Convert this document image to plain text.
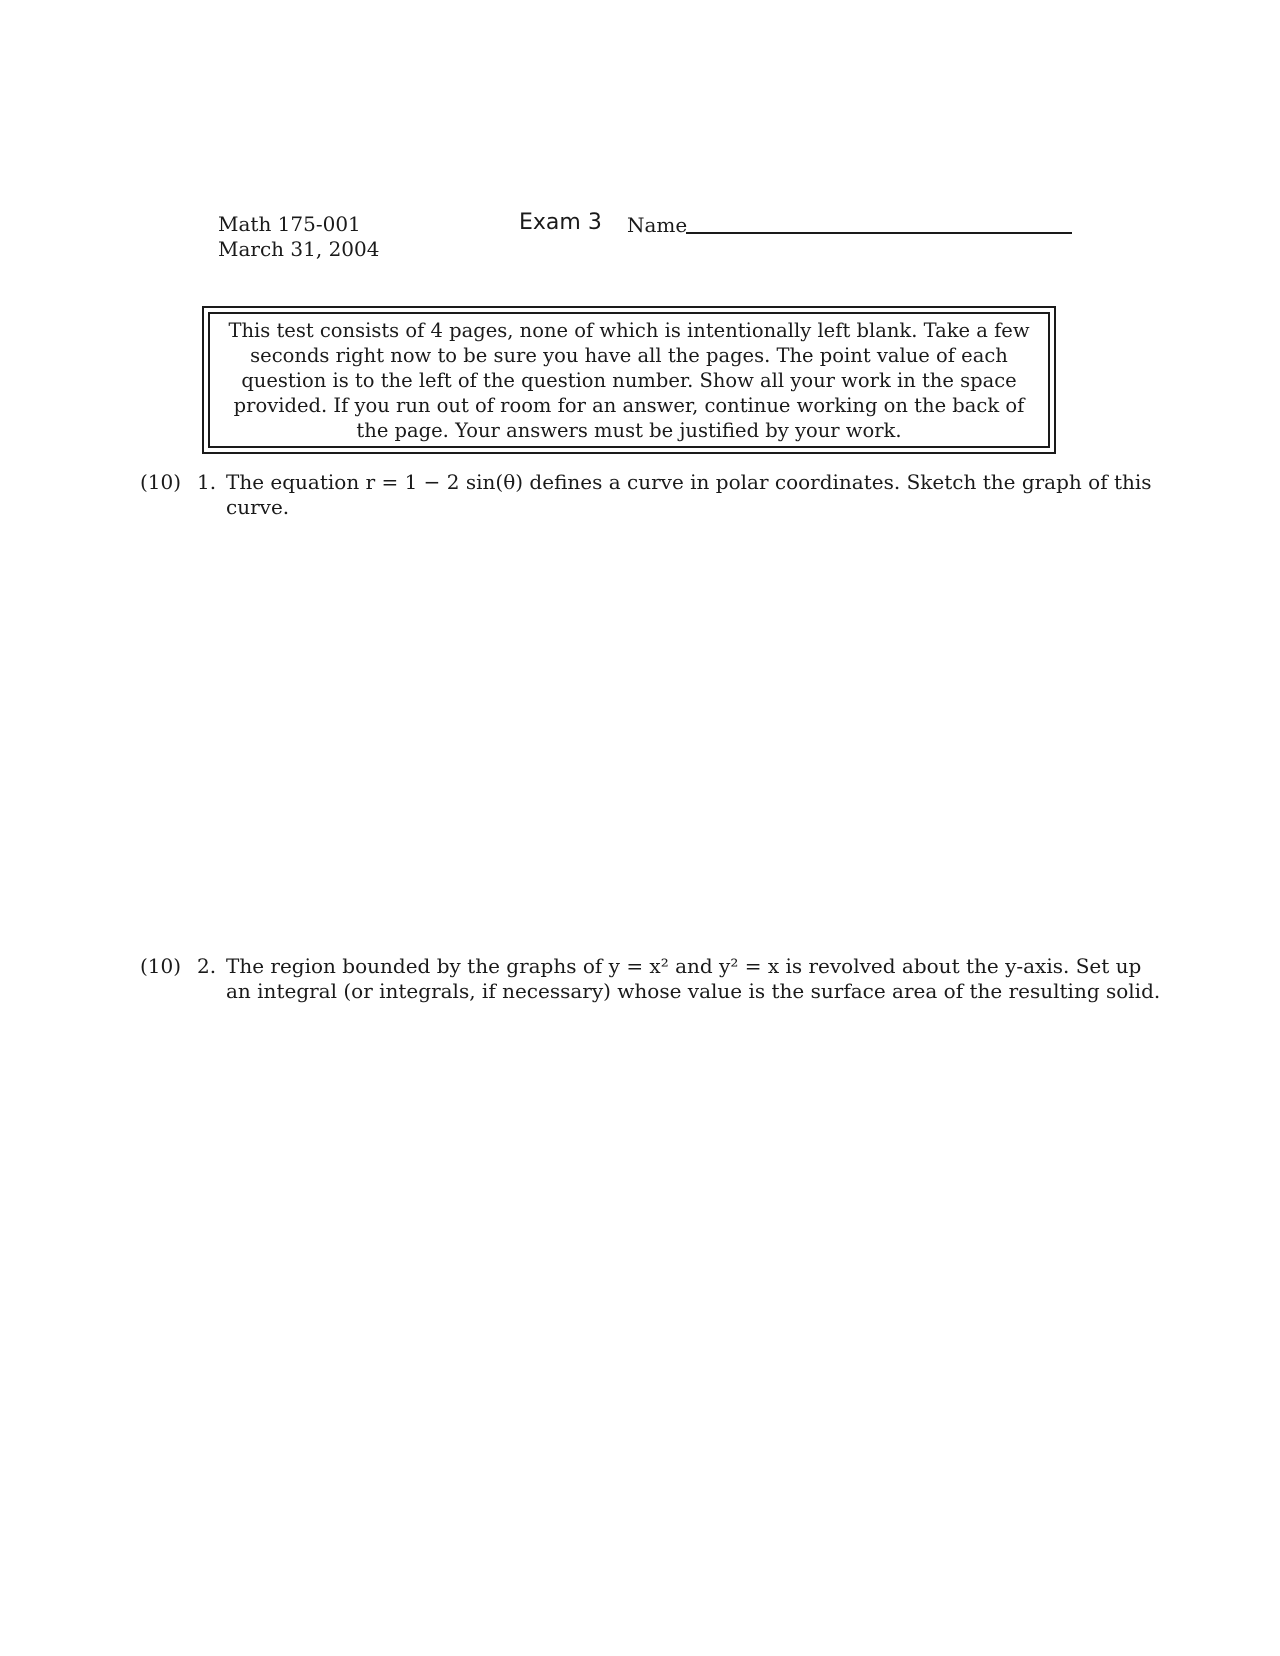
Math 175-001
March 31, 2004
Exam 3 Name
This test consists of 4 pages, none of which is intentionally left blank. Take a few seconds right now to be sure you have all the pages. The point value of each question is to the left of the question number. Show all your work in the space provided. If you run out of room for an answer, continue working on the back of the page. Your answers must be justified by your work.
(10) 1. The equation r = 1 − 2 sin(θ) defines a curve in polar coordinates. Sketch the graph of this
curve.
(10) 2. The region bounded by the graphs of y = x² and y² = x is revolved about the y-axis. Set up
an integral (or integrals, if necessary) whose value is the surface area of the resulting solid.
